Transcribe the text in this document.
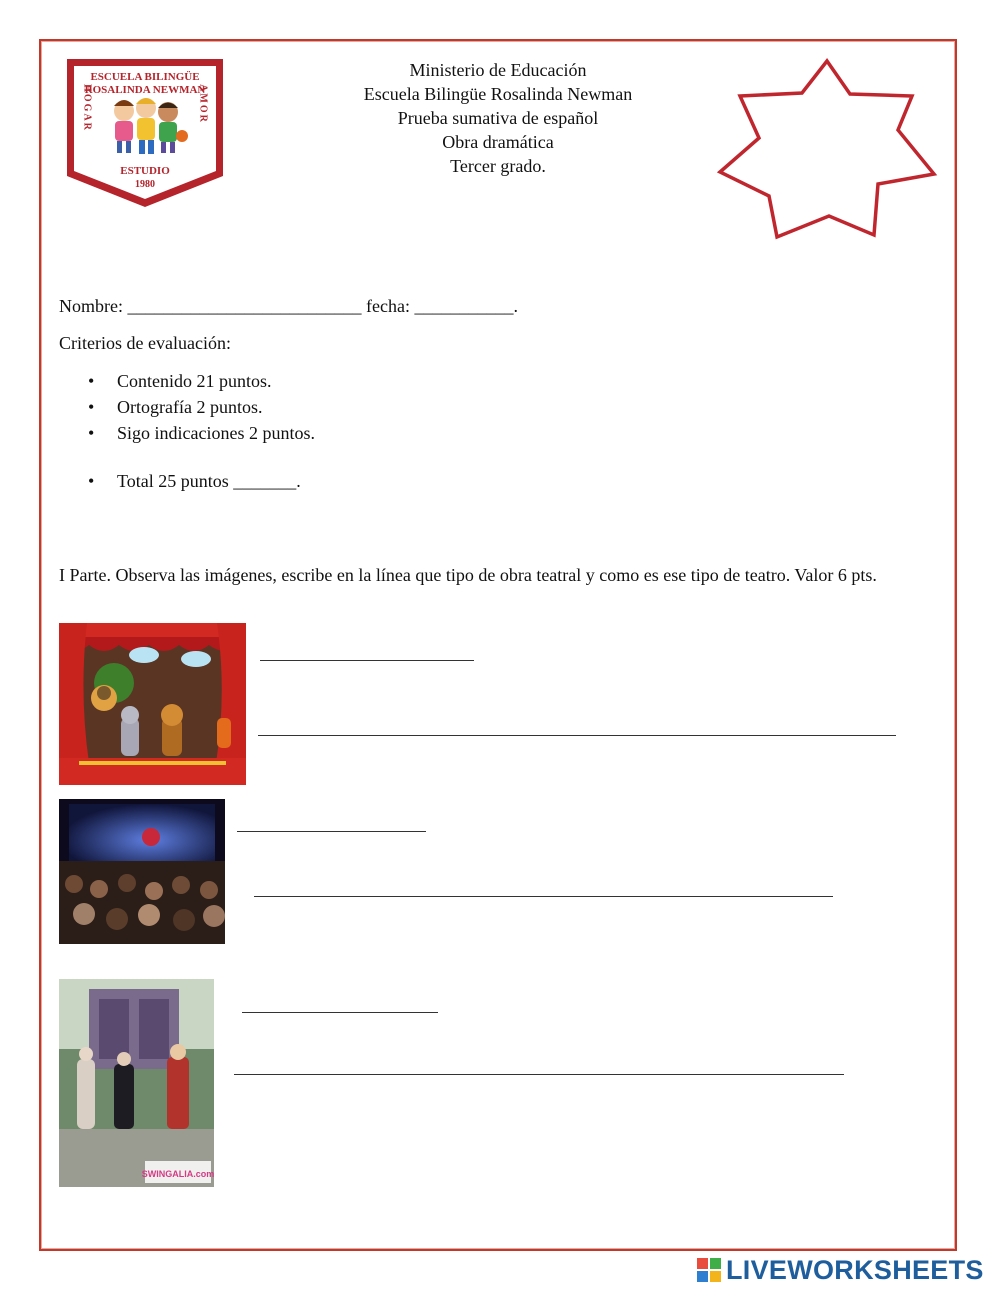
ESCUELA BILINGÜE
ROSALINDA NEWMAN
HOGAR	AMOR
ESTUDIO
1980
Ministerio de Educación
Escuela Bilingüe Rosalinda Newman
Prueba sumativa de español
Obra dramática
Tercer grado.
Nombre: __________________________ fecha: ___________.
Criterios de evaluación:
• Contenido 21 puntos.
• Ortografía 2 puntos.
• Sigo indicaciones 2 puntos.
• Total 25 puntos _______.
I Parte. Observa las imágenes, escribe en la línea que tipo de obra teatral y como es ese tipo de teatro. Valor 6 pts.
SWINGALIA.com
LIVEWORKSHEETS
